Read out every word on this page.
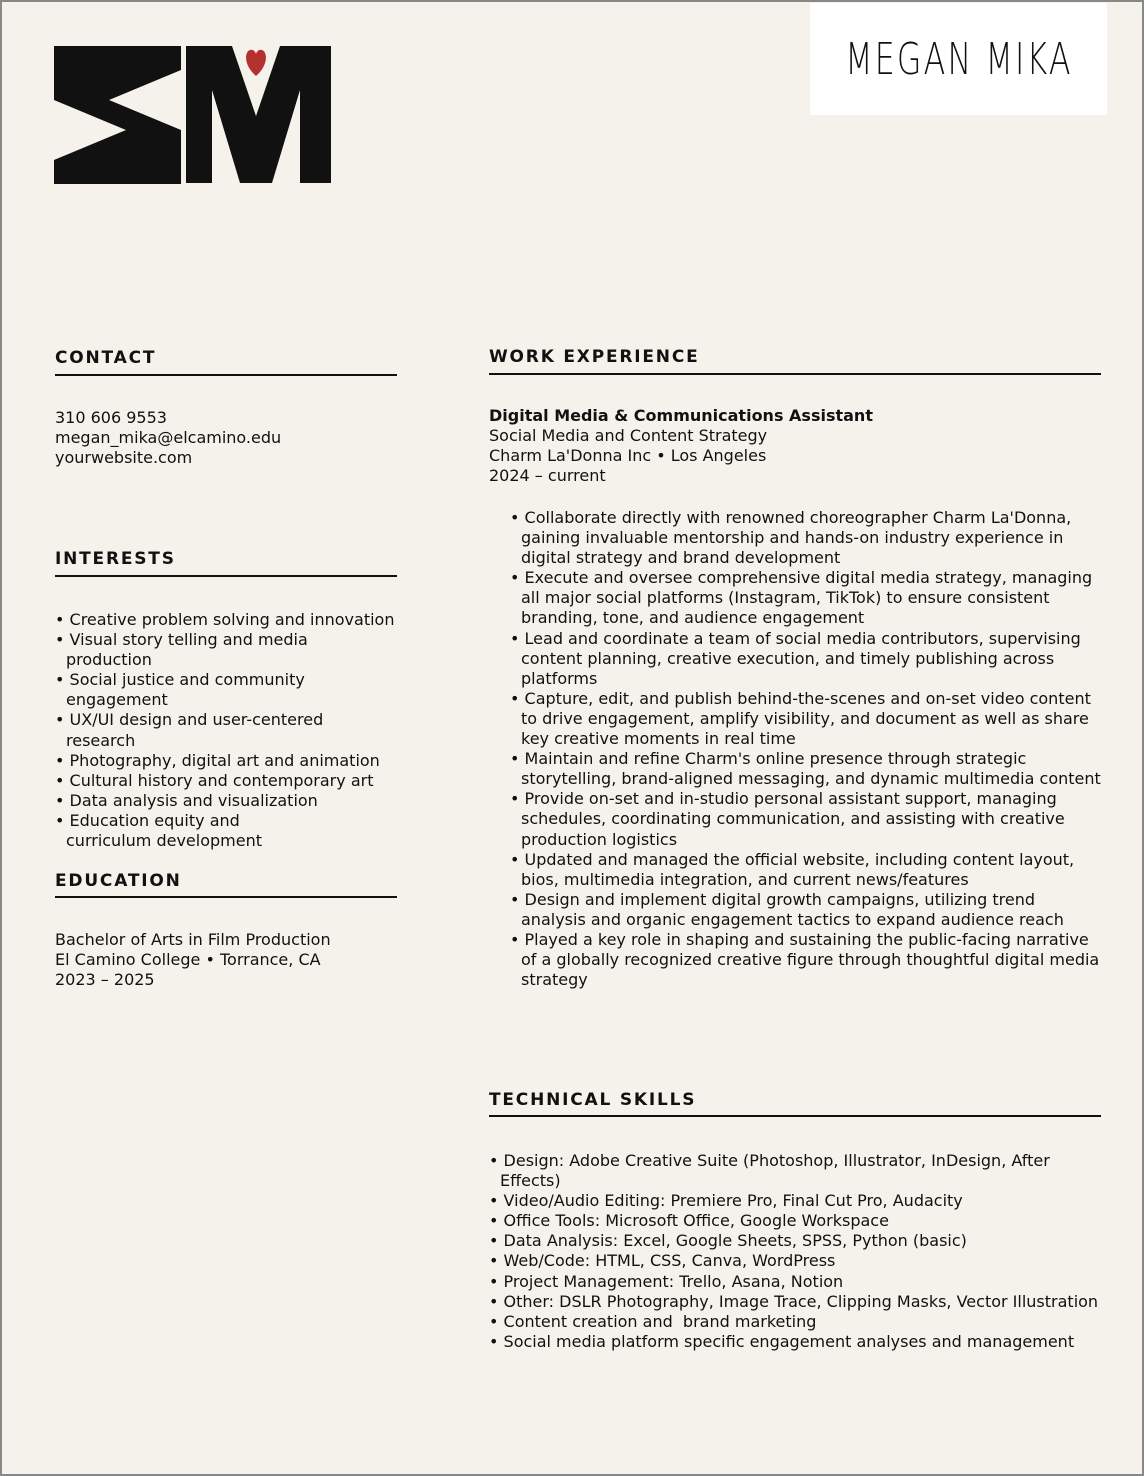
MEGAN MIKA
CONTACT
310 606 9553
megan_mika@elcamino.edu
yourwebsite.com
INTERESTS
• Creative problem solving and innovation
• Visual story telling and media production
• Social justice and community engagement
• UX/UI design and user-centered research
• Photography, digital art and animation
• Cultural history and contemporary art
• Data analysis and visualization
• Education equity and curriculum development
EDUCATION
Bachelor of Arts in Film Production
El Camino College • Torrance, CA
2023 – 2025
WORK EXPERIENCE
Digital Media & Communications Assistant
Social Media and Content Strategy
Charm La'Donna Inc • Los Angeles
2024 – current
• Collaborate directly with renowned choreographer Charm La'Donna, gaining invaluable mentorship and hands-on industry experience in digital strategy and brand development
• Execute and oversee comprehensive digital media strategy, managing all major social platforms (Instagram, TikTok) to ensure consistent branding, tone, and audience engagement
• Lead and coordinate a team of social media contributors, supervising content planning, creative execution, and timely publishing across platforms
• Capture, edit, and publish behind-the-scenes and on-set video content to drive engagement, amplify visibility, and document as well as share key creative moments in real time
• Maintain and refine Charm's online presence through strategic storytelling, brand-aligned messaging, and dynamic multimedia content
• Provide on-set and in-studio personal assistant support, managing schedules, coordinating communication, and assisting with creative production logistics
• Updated and managed the official website, including content layout, bios, multimedia integration, and current news/features
• Design and implement digital growth campaigns, utilizing trend analysis and organic engagement tactics to expand audience reach
• Played a key role in shaping and sustaining the public-facing narrative of a globally recognized creative figure through thoughtful digital media strategy
TECHNICAL SKILLS
• Design: Adobe Creative Suite (Photoshop, Illustrator, InDesign, After Effects)
• Video/Audio Editing: Premiere Pro, Final Cut Pro, Audacity
• Office Tools: Microsoft Office, Google Workspace
• Data Analysis: Excel, Google Sheets, SPSS, Python (basic)
• Web/Code: HTML, CSS, Canva, WordPress
• Project Management: Trello, Asana, Notion
• Other: DSLR Photography, Image Trace, Clipping Masks, Vector Illustration
• Content creation and  brand marketing
• Social media platform specific engagement analyses and management
